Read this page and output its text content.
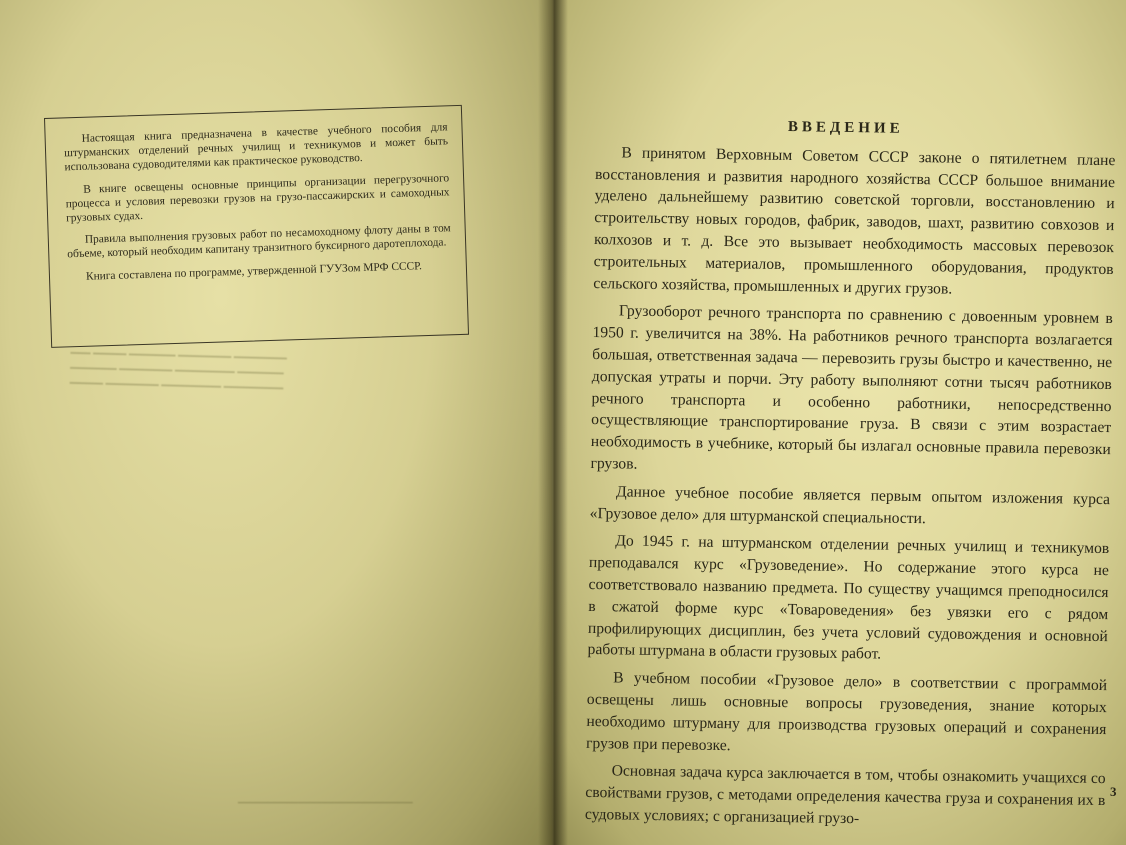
━━━ ━━━━━ ━━━━━━━ ━━━━━━━━ ━━━━━━━━
━━━━━━━ ━━━━━━━━ ━━━━━━━━━ ━━━━━━━
━━━━━ ━━━━━━━━ ━━━━━━━━━ ━━━━━━━━━

Настоящая книга предназначена в качестве учебного пособия для штурманских отделений речных училищ и техникумов и может быть использована судоводителями как практическое руководство.

В книге освещены основные принципы организации перегрузочного процесса и условия перевозки грузов на грузо-пассажирских и самоходных грузовых судах.

Правила выполнения грузовых работ по несамоходному флоту даны в том объеме, который необходим капитану транзитного буксирного даротеплохода.

Книга составлена по программе, утвержденной ГУУЗом МРФ СССР.

━━━━━━━━━━━━━━━━━━━━━━━━━━━━━
ВВЕДЕНИЕ

В принятом Верховным Советом СССР законе о пятилетнем плане восстановления и развития народного хозяйства СССР большое внимание уделено дальнейшему развитию советской торговли, восстановлению и строительству новых городов, фабрик, заводов, шахт, развитию совхозов и колхозов и т. д. Все это вызывает необходимость массовых перевозок строительных материалов, промышленного оборудования, продуктов сельского хозяйства, промышленных и других грузов.

Грузооборот речного транспорта по сравнению с довоенным уровнем в 1950 г. увеличится на 38%. На работников речного транспорта возлагается большая, ответственная задача — перевозить грузы быстро и качественно, не допуская утраты и порчи. Эту работу выполняют сотни тысяч работников речного транспорта и особенно работники, непосредственно осуществляющие транспортирование груза. В связи с этим возрастает необходимость в учебнике, который бы излагал основные правила перевозки грузов.

Данное учебное пособие является первым опытом изложения курса «Грузовое дело» для штурманской специальности.

До 1945 г. на штурманском отделении речных училищ и техникумов преподавался курс «Грузоведение». Но содержание этого курса не соответствовало названию предмета. По существу учащимся преподносился в сжатой форме курс «Товароведения» без увязки его с рядом профилирующих дисциплин, без учета условий судовождения и основной работы штурмана в области грузовых работ.

В учебном пособии «Грузовое дело» в соответствии с программой освещены лишь основные вопросы грузоведения, знание которых необходимо штурману для производства грузовых операций и сохранения грузов при перевозке.

Основная задача курса заключается в том, чтобы ознакомить учащихся со свойствами грузов, с методами определения качества груза и сохранения их в судовых условиях; с организацией грузо-

3
